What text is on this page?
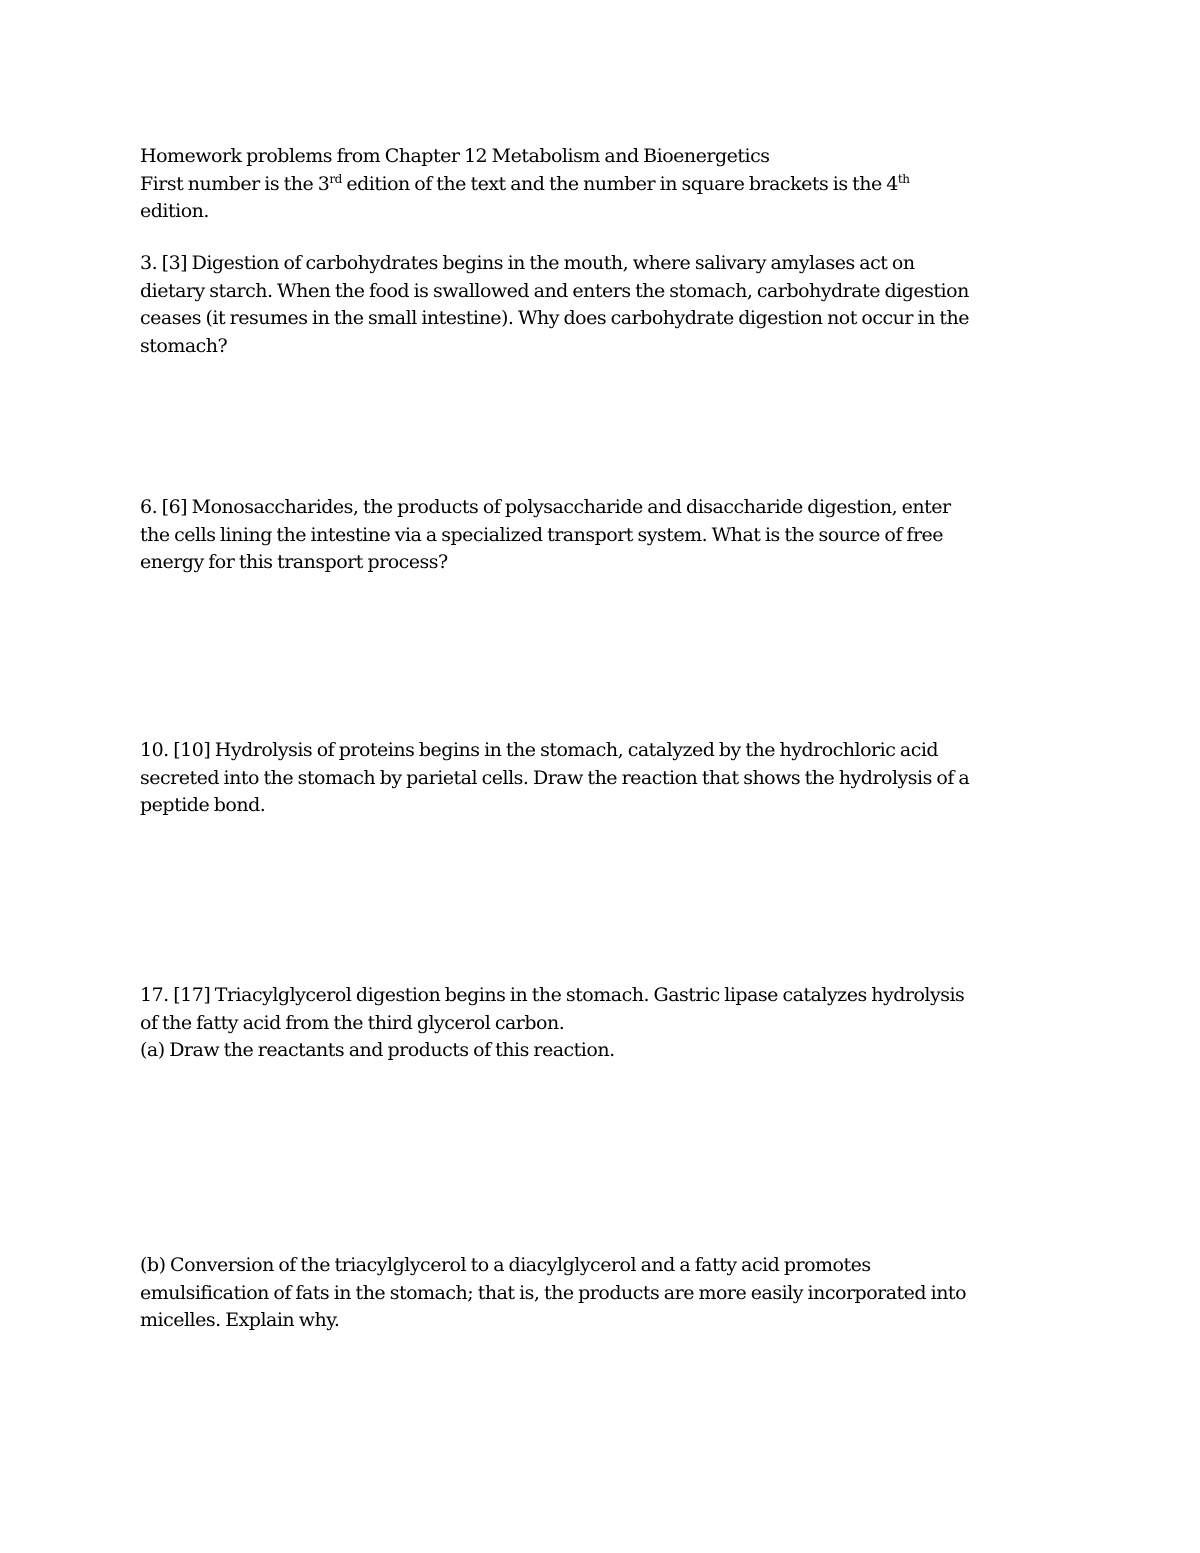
Homework problems from Chapter 12 Metabolism and Bioenergetics
First number is the 3rd edition of the text and the number in square brackets is the 4th
edition.
3. [3] Digestion of carbohydrates begins in the mouth, where salivary amylases act on
dietary starch. When the food is swallowed and enters the stomach, carbohydrate digestion
ceases (it resumes in the small intestine). Why does carbohydrate digestion not occur in the
stomach?
6. [6] Monosaccharides, the products of polysaccharide and disaccharide digestion, enter
the cells lining the intestine via a specialized transport system. What is the source of free
energy for this transport process?
10. [10] Hydrolysis of proteins begins in the stomach, catalyzed by the hydrochloric acid
secreted into the stomach by parietal cells. Draw the reaction that shows the hydrolysis of a
peptide bond.
17. [17] Triacylglycerol digestion begins in the stomach. Gastric lipase catalyzes hydrolysis
of the fatty acid from the third glycerol carbon.
(a) Draw the reactants and products of this reaction.
(b) Conversion of the triacylglycerol to a diacylglycerol and a fatty acid promotes
emulsification of fats in the stomach; that is, the products are more easily incorporated into
micelles. Explain why.
